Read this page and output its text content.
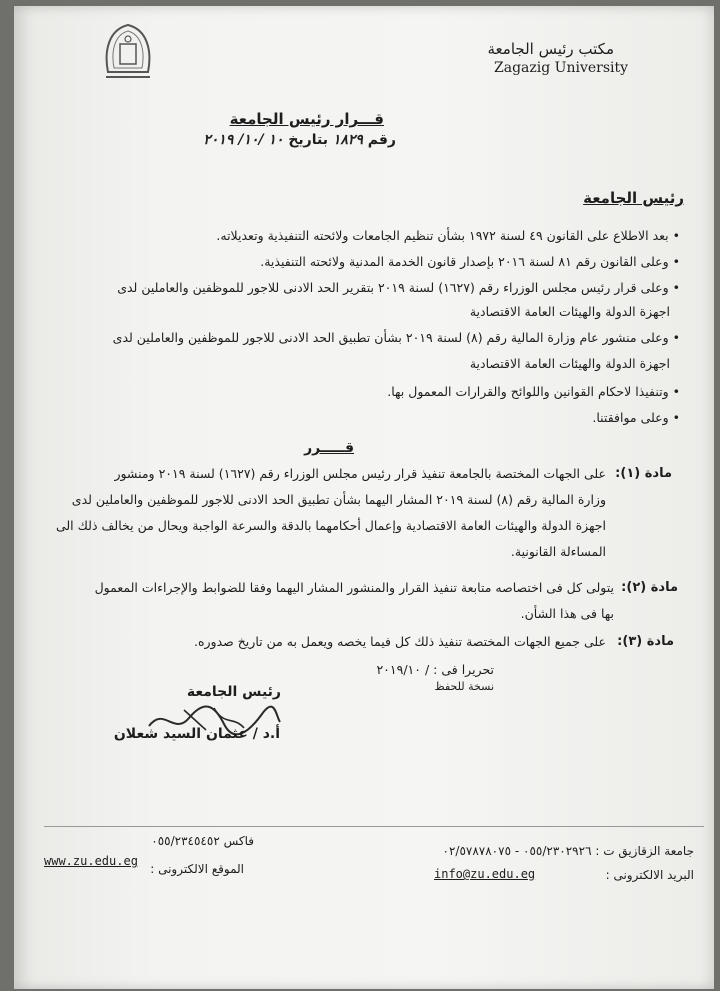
مكتب رئيس الجامعة
Zagazig University
قـــرار رئيس الجامعة
رقم ١٨٢٩ بتاريخ ١٠ /١٠/ ٢٠١٩
رئيس الجامعة
• بعد الاطلاع على القانون ٤٩ لسنة ١٩٧٢ بشأن تنظيم الجامعات ولائحته التنفيذية وتعديلاته.
• وعلى القانون رقم ٨١ لسنة ٢٠١٦ بإصدار قانون الخدمة المدنية ولائحته التنفيذية.
• وعلى قرار رئيس مجلس الوزراء رقم (١٦٢٧) لسنة ٢٠١٩ بتقرير الحد الادنى للاجور للموظفين والعاملين لدى
اجهزة الدولة والهيئات العامة الاقتصادية
• وعلى منشور عام وزارة المالية رقم (٨) لسنة ٢٠١٩ بشأن تطبيق الحد الادنى للاجور للموظفين والعاملين لدى
اجهزة الدولة والهيئات العامة الاقتصادية
• وتنفيذا لاحكام القوانين واللوائح والقرارات المعمول بها.
• وعلى موافقتنا.
قـــــرر
مادة (١):
على الجهات المختصة بالجامعة تنفيذ قرار رئيس مجلس الوزراء رقم (١٦٢٧) لسنة ٢٠١٩ ومنشور
وزارة المالية رقم (٨) لسنة ٢٠١٩ المشار اليهما بشأن تطبيق الحد الادنى للاجور للموظفين والعاملين لدى
اجهزة الدولة والهيئات العامة الاقتصادية وإعمال أحكامهما بالدقة والسرعة الواجبة ويحال من يخالف ذلك الى
المساءلة القانونية.
مادة (٢):
يتولى كل فى اختصاصه متابعة تنفيذ القرار والمنشور المشار اليهما وفقا للضوابط والإجراءات المعمول
بها فى هذا الشأن.
مادة (٣):
على جميع الجهات المختصة تنفيذ ذلك كل فيما يخصه ويعمل به من تاريخ صدوره.
تحريرا فى : / ٢٠١٩/١٠
نسخة للحفظ
رئيس الجامعة
أ.د / عثمان السيد شعلان
جامعة الزقازيق ت : ٠٥٥/٢٣٠٢٩٢٦ - ٠٢/٥٧٨٧٨٠٧٥
فاكس ٠٥٥/٢٣٤٥٤٥٢
البريد الالكترونى :
info@zu.edu.eg
الموقع الالكترونى :
www.zu.edu.eg
